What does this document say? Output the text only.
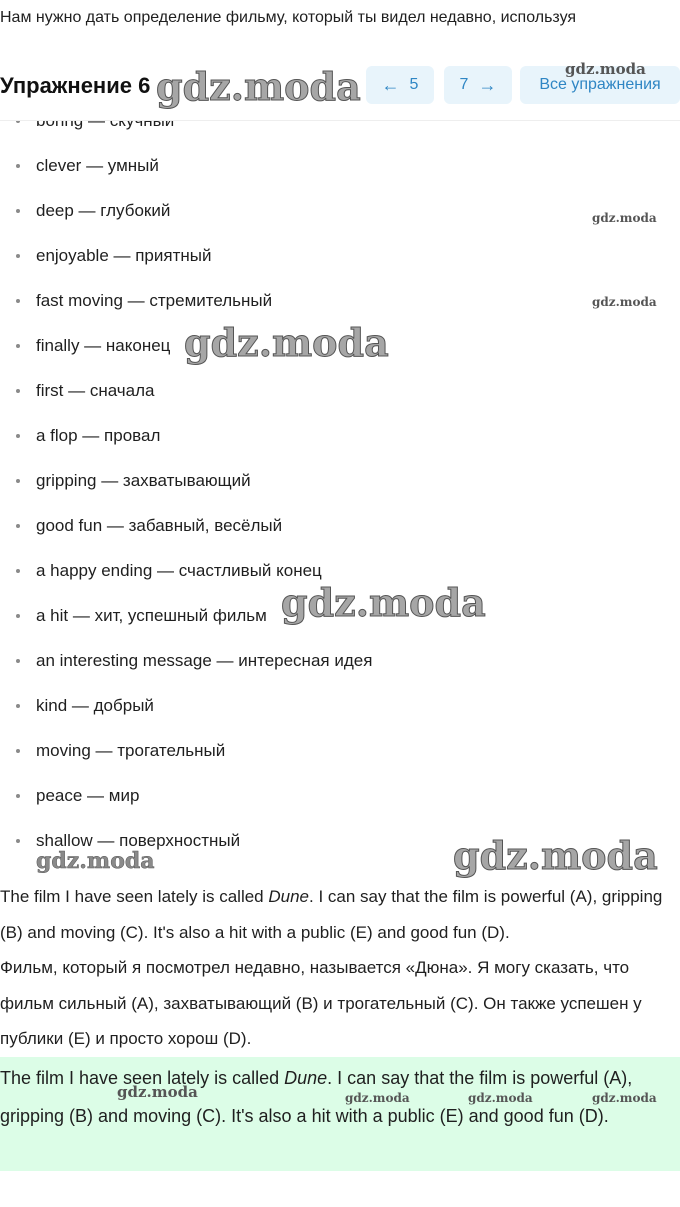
Нам нужно дать определение фильму, который ты видел недавно, используя
Упражнение 6	← 5	7 →	Все упражнения
clever — умный
deep — глубокий
enjoyable — приятный
fast moving — стремительный
finally — наконец
first — сначала
a flop — провал
gripping — захватывающий
good fun — забавный, весёлый
a happy ending — счастливый конец
a hit — хит, успешный фильм
an interesting message — интересная идея
kind — добрый
moving — трогательный
peace — мир
shallow — поверхностный
The film I have seen lately is called Dune. I can say that the film is powerful (A), gripping (B) and moving (C). It's also a hit with a public (E) and good fun (D).
Фильм, который я посмотрел недавно, называется «Дюна». Я могу сказать, что фильм сильный (A), захватывающий (B) и трогательный (C). Он также успешен у публики (E) и просто хорош (D).
The film I have seen lately is called Dune. I can say that the film is powerful (A), gripping (B) and moving (C). It's also a hit with a public (E) and good fun (D).
gdz.moda	gdz.moda
gdz.moda
gdz.moda
gdz.moda
gdz.moda
gdz.moda	gdz.moda
gdz.moda	gdz.moda	gdz.moda	gdz.moda
